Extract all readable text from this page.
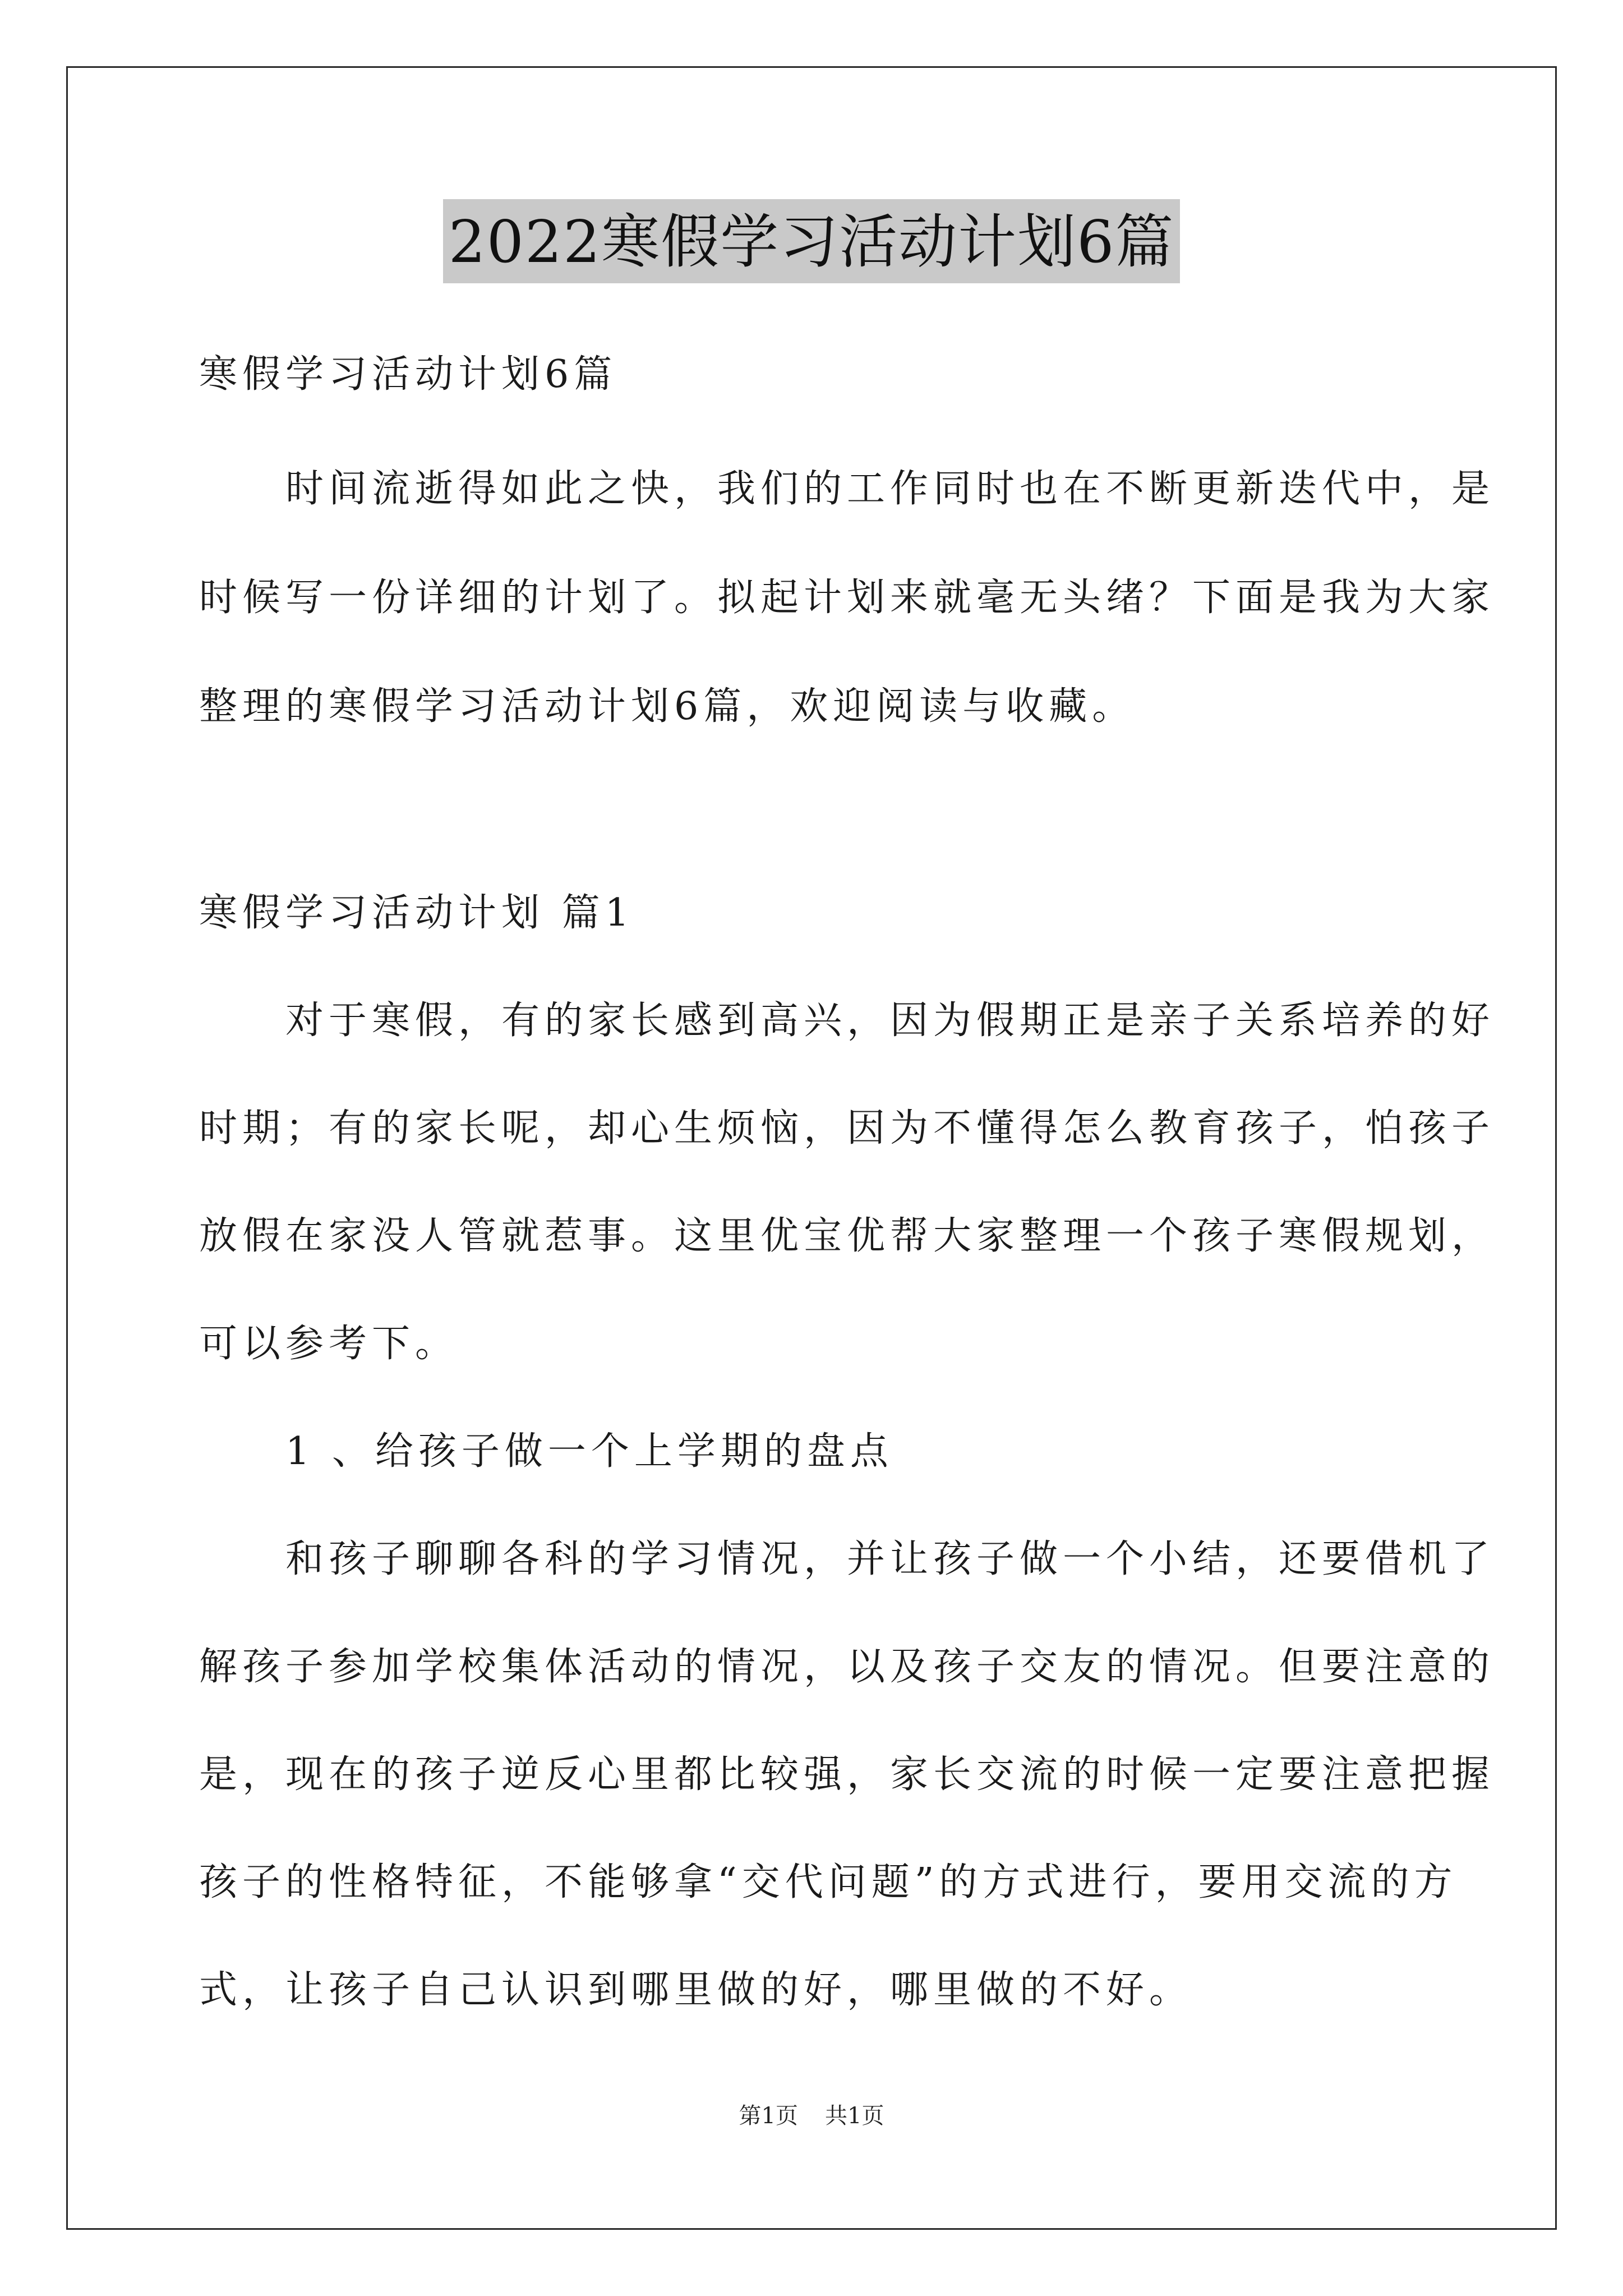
2022寒假学习活动计划6篇
寒假学习活动计划6篇
　　时间流逝得如此之快，我们的工作同时也在不断更新迭代中，是
时候写一份详细的计划了。拟起计划来就毫无头绪？下面是我为大家
整理的寒假学习活动计划6篇，欢迎阅读与收藏。
寒假学习活动计划 篇1
　　对于寒假，有的家长感到高兴，因为假期正是亲子关系培养的好
时期；有的家长呢，却心生烦恼，因为不懂得怎么教育孩子，怕孩子
放假在家没人管就惹事。这里优宝优帮大家整理一个孩子寒假规划，
可以参考下。
　　1 、给孩子做一个上学期的盘点
　　和孩子聊聊各科的学习情况，并让孩子做一个小结，还要借机了
解孩子参加学校集体活动的情况，以及孩子交友的情况。但要注意的
是，现在的孩子逆反心里都比较强，家长交流的时候一定要注意把握
孩子的性格特征，不能够拿“交代问题”的方式进行，要用交流的方
式，让孩子自己认识到哪里做的好，哪里做的不好。
第1页 共1页
